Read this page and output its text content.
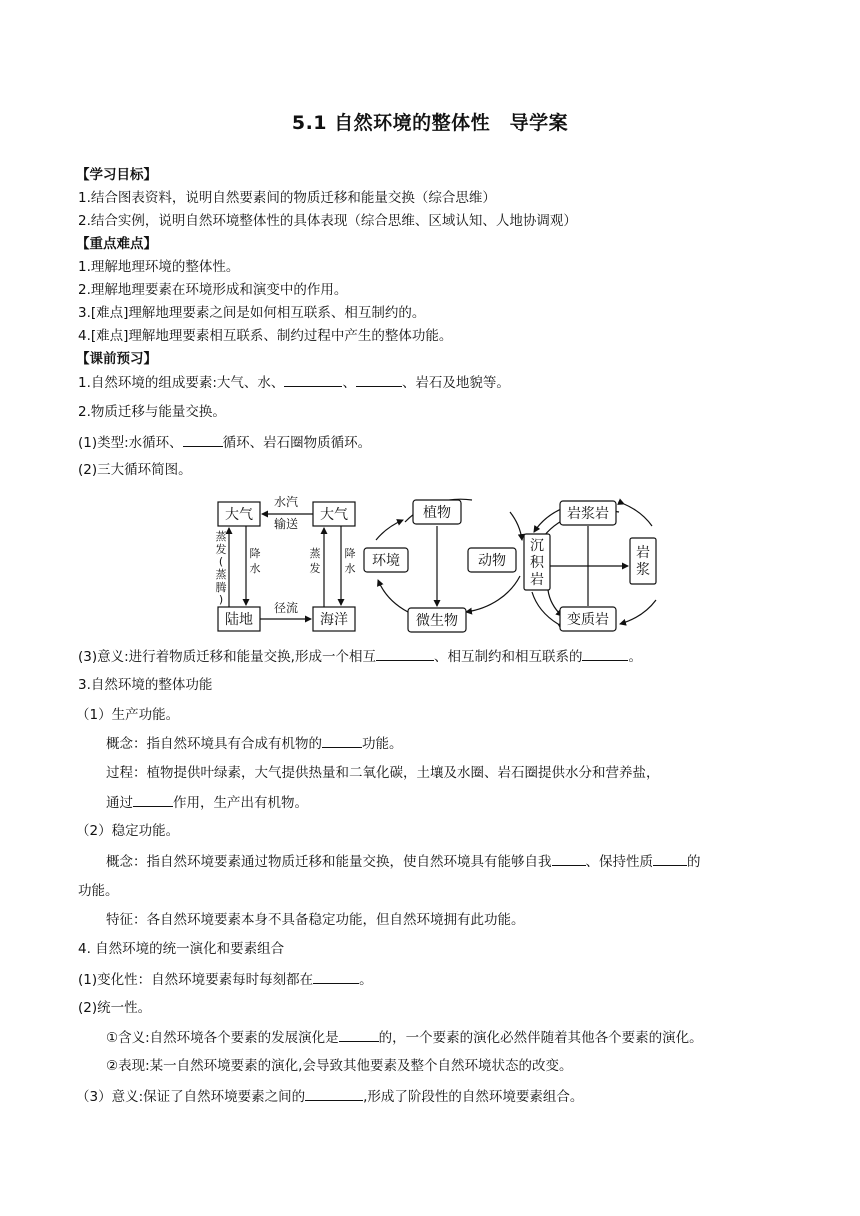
5.1 自然环境的整体性　导学案
【学习目标】
1.结合图表资料，说明自然要素间的物质迁移和能量交换（综合思维）
2.结合实例，说明自然环境整体性的具体表现（综合思维、区域认知、人地协调观）
【重点难点】
1.理解地理环境的整体性。
2.理解地理要素在环境形成和演变中的作用。
3.[难点]理解地理要素之间是如何相互联系、相互制约的。
4.[难点]理解地理要素相互联系、制约过程中产生的整体功能。
【课前预习】
1.自然环境的组成要素:大气、水、	、	、岩石及地貌等。
2.物质迁移与能量交换。
(1)类型:水循环、	循环、岩石圈物质循环。
(2)三大循环简图。
大气	大气
陆地	海洋
水汽
输送
径流
蒸
发
(
蒸
腾
)
降
水
蒸
发
降
水
植物
环境	动物
微生物
岩浆岩
变质岩
沉
积
岩
岩
浆
(3)意义:进行着物质迁移和能量交换,形成一个相互	、相互制约和相互联系的	。
3.自然环境的整体功能
（1）生产功能。
概念：指自然环境具有合成有机物的	功能。
过程：植物提供叶绿素，大气提供热量和二氧化碳，土壤及水圈、岩石圈提供水分和营养盐，
通过	作用，生产出有机物。
（2）稳定功能。
概念：指自然环境要素通过物质迁移和能量交换，使自然环境具有能够自我	、保持性质	的
功能。
特征：各自然环境要素本身不具备稳定功能，但自然环境拥有此功能。
4. 自然环境的统一演化和要素组合
(1)变化性：自然环境要素每时每刻都在	。
(2)统一性。
①含义:自然环境各个要素的发展演化是	的，一个要素的演化必然伴随着其他各个要素的演化。
②表现:某一自然环境要素的演化,会导致其他要素及整个自然环境状态的改变。
（3）意义:保证了自然环境要素之间的	,形成了阶段性的自然环境要素组合。
